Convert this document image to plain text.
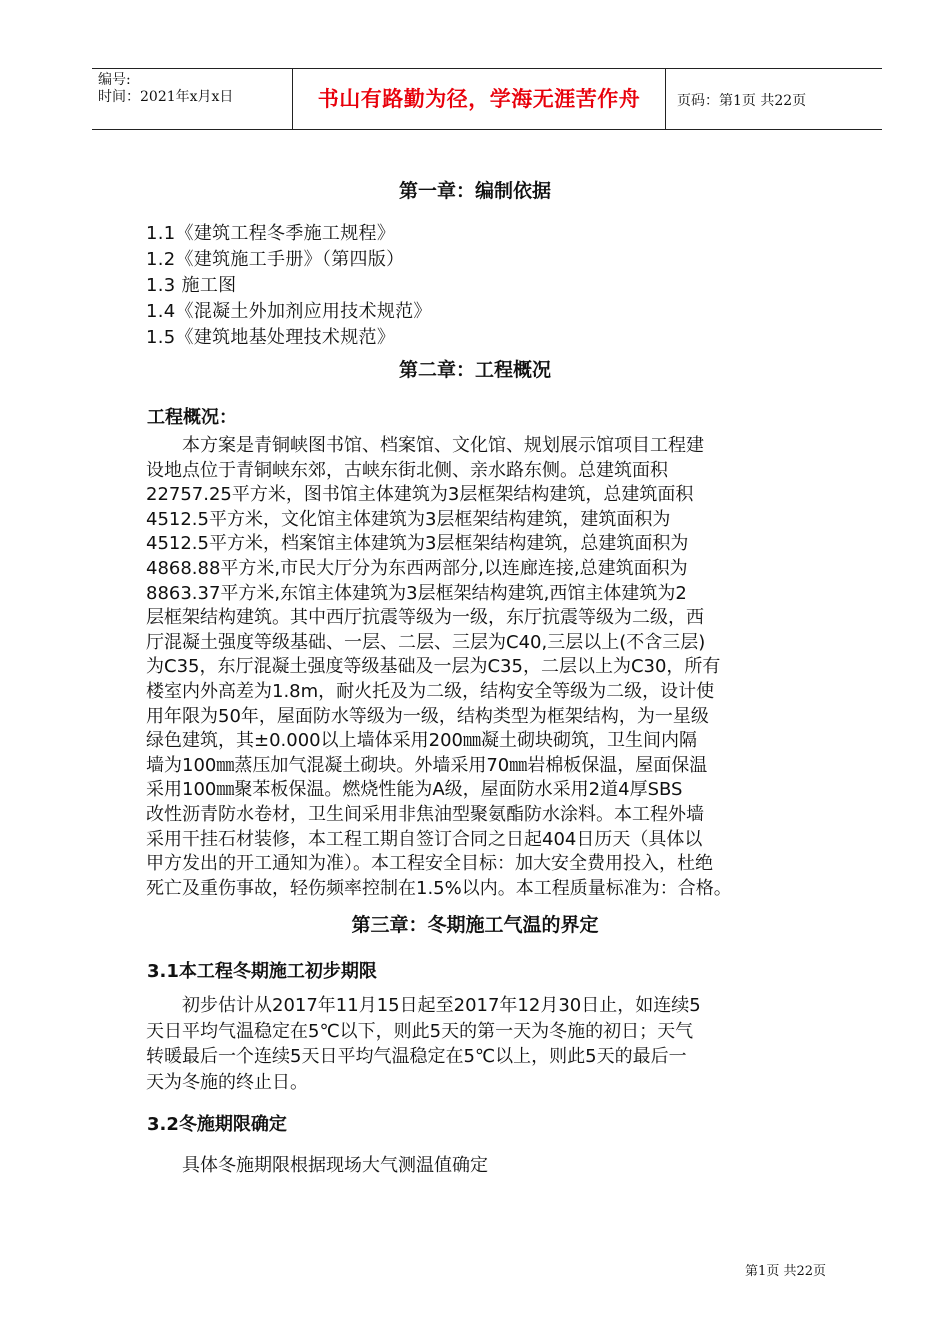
编号:
时间：2021年x月x日	书山有路勤为径，学海无涯苦作舟	页码：第1页 共22页
第一章：编制依据
1.1《建筑工程冬季施工规程》
1.2《建筑施工手册》（第四版）
1.3 施工图
1.4《混凝土外加剂应用技术规范》
1.5《建筑地基处理技术规范》
第二章：工程概况
工程概况：

　　本方案是青铜峡图书馆、档案馆、文化馆、规划展示馆项目工程建

设地点位于青铜峡东郊，古峡东街北侧、亲水路东侧。总建筑面积

22757.25平方米，图书馆主体建筑为3层框架结构建筑，总建筑面积

4512.5平方米，文化馆主体建筑为3层框架结构建筑，建筑面积为

4512.5平方米，档案馆主体建筑为3层框架结构建筑，总建筑面积为

4868.88平方米,市民大厅分为东西两部分,以连廊连接,总建筑面积为

8863.37平方米,东馆主体建筑为3层框架结构建筑,西馆主体建筑为2

层框架结构建筑。其中西厅抗震等级为一级，东厅抗震等级为二级，西

厅混凝土强度等级基础、一层、二层、三层为C40,三层以上(不含三层)

为C35，东厅混凝土强度等级基础及一层为C35，二层以上为C30，所有

楼室内外高差为1.8m，耐火托及为二级，结构安全等级为二级，设计使

用年限为50年，屋面防水等级为一级，结构类型为框架结构，为一星级

绿色建筑，其±0.000以上墙体采用200㎜凝土砌块砌筑，卫生间内隔

墙为100㎜蒸压加气混凝土砌块。外墙采用70㎜岩棉板保温，屋面保温

采用100㎜聚苯板保温。燃烧性能为A级，屋面防水采用2道4厚SBS

改性沥青防水卷材，卫生间采用非焦油型聚氨酯防水涂料。本工程外墙

采用干挂石材装修，本工程工期自签订合同之日起404日历天（具体以

甲方发出的开工通知为准）。本工程安全目标：加大安全费用投入，杜绝

死亡及重伤事故，轻伤频率控制在1.5%以内。本工程质量标准为：合格。

第三章：冬期施工气温的界定
3.1本工程冬期施工初步期限

　　初步估计从2017年11月15日起至2017年12月30日止，如连续5

天日平均气温稳定在5℃以下，则此5天的第一天为冬施的初日；天气

转暖最后一个连续5天日平均气温稳定在5℃以上，则此5天的最后一

天为冬施的终止日。

3.2冬施期限确定

　　具体冬施期限根据现场大气测温值确定

第1页 共22页
